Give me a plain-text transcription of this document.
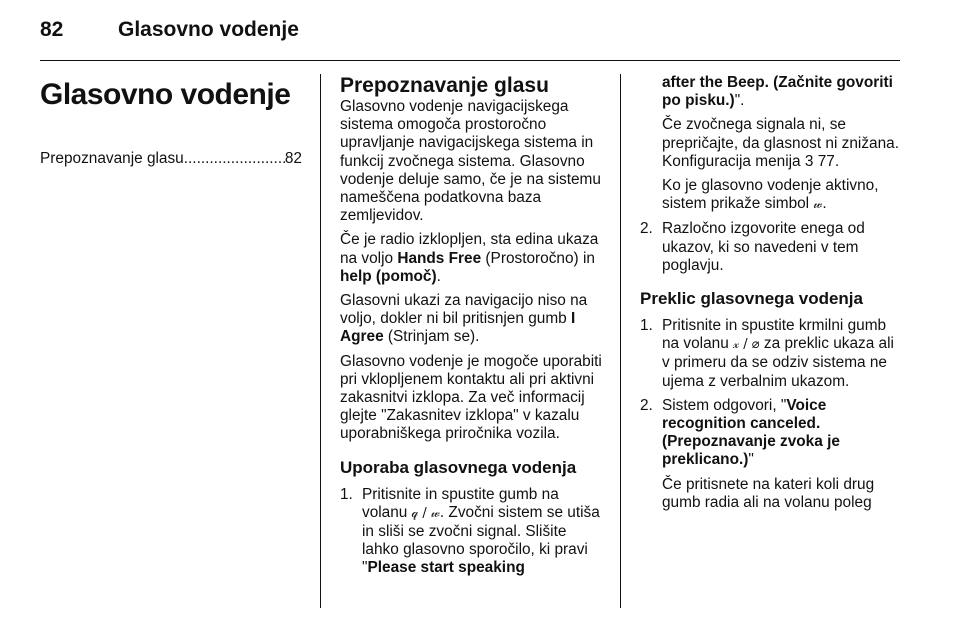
82	Glasovno vodenje
Glasovno vodenje
Prepoznavanje glasu
.....	82
Prepoznavanje glasu

Glasovno vodenje navigacijskega sistema omogoča prostoročno upravljanje navigacijskega sistema in funkcij zvočnega sistema. Glasovno vodenje deluje samo, če je na sistemu nameščena podatkovna baza zemljevidov.

Če je radio izklopljen, sta edina ukaza na voljo Hands Free (Prostoročno) in help (pomoč).

Glasovni ukazi za navigacijo niso na voljo, dokler ni bil pritisnjen gumb I Agree (Strinjam se).

Glasovno vodenje je mogoče uporabiti pri vklopljenem kontaktu ali pri aktivni zakasnitvi izklopa. Za več informacij glejte "Zakasnitev izklopa" v kazalu uporabniškega priročnika vozila.

Uporaba glasovnega vodenja
1. Pritisnite in spustite gumb na volanu 𝓆 / 𝓌. Zvočni sistem se utiša in sliši se zvočni signal. Slišite lahko glasovno sporočilo, ki pravi "Please start speaking

after the Beep. (Začnite govoriti po pisku.)".

Če zvočnega signala ni, se prepričajte, da glasnost ni znižana. Konfiguracija menija 3 77.

Ko je glasovno vodenje aktivno, sistem prikaže simbol 𝓌.

2. Razločno izgovorite enega od ukazov, ki so navedeni v tem poglavju.

Preklic glasovnega vodenja
1. Pritisnite in spustite krmilni gumb na volanu 𝓍 / ⌀ za preklic ukaza ali v primeru da se odziv sistema ne ujema z verbalnim ukazom.

2. Sistem odgovori, "Voice recognition canceled. (Prepoznavanje zvoka je preklicano.)"

Če pritisnete na kateri koli drug gumb radia ali na volanu poleg
